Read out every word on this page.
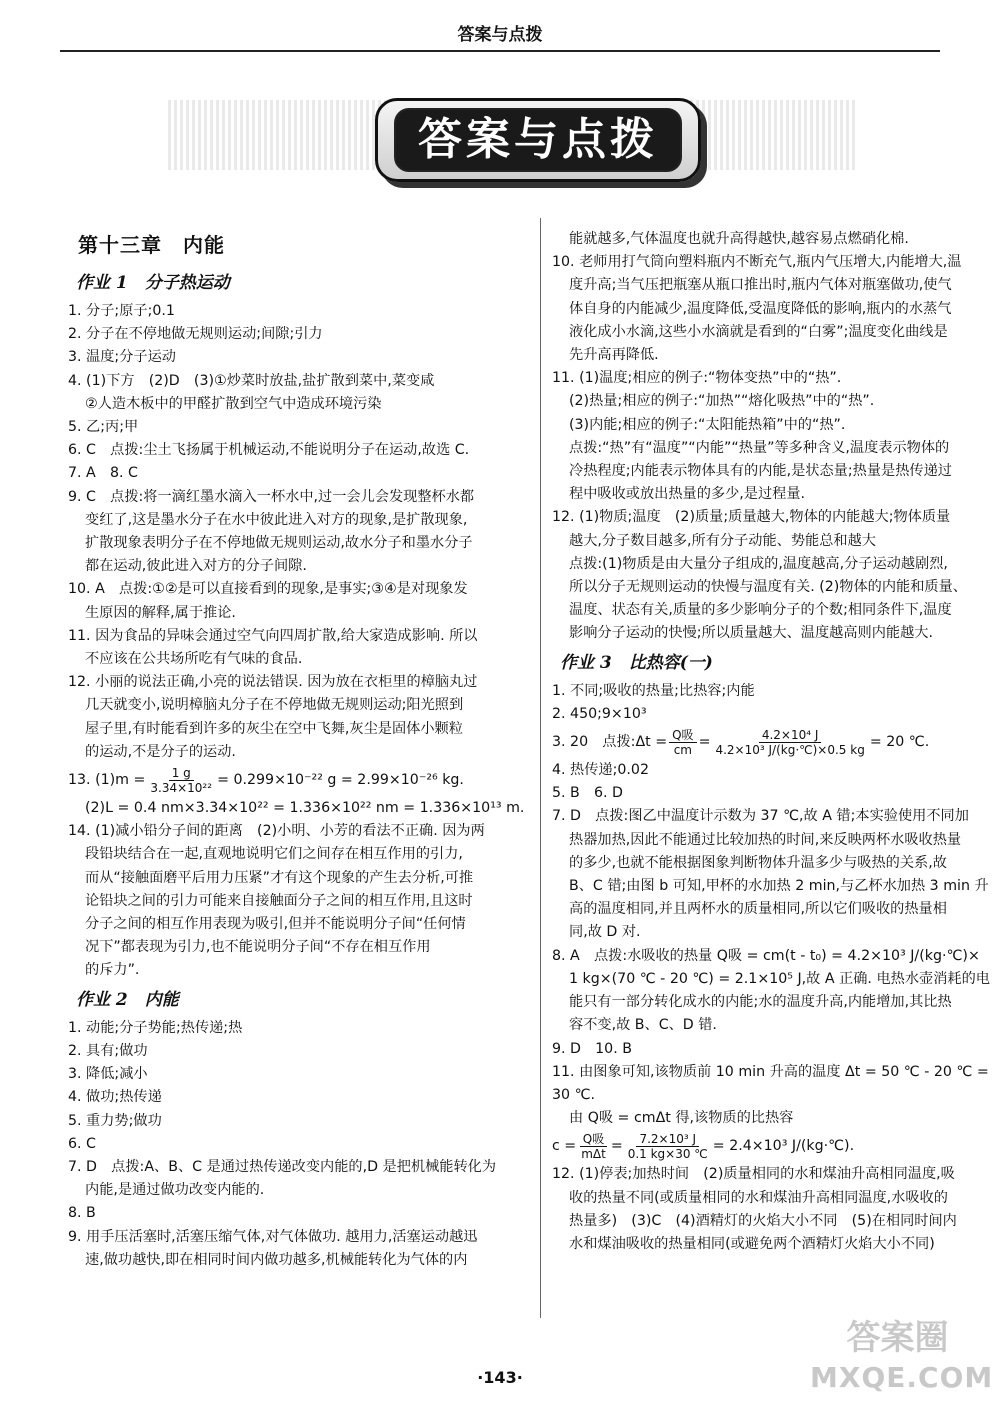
答案与点拨
答案与点拨
第十三章　内能
作业 1　分子热运动

1. 分子;原子;0.1

2. 分子在不停地做无规则运动;间隙;引力

3. 温度;分子运动

4. (1)下方　(2)D　(3)①炒菜时放盐,盐扩散到菜中,菜变咸

②人造木板中的甲醛扩散到空气中造成环境污染

5. 乙;丙;甲

6. C　点拨:尘土飞扬属于机械运动,不能说明分子在运动,故选 C.

7. A　8. C

9. C　点拨:将一滴红墨水滴入一杯水中,过一会儿会发现整杯水都

变红了,这是墨水分子在水中彼此进入对方的现象,是扩散现象,

扩散现象表明分子在不停地做无规则运动,故水分子和墨水分子

都在运动,彼此进入对方的分子间隙.

10. A　点拨:①②是可以直接看到的现象,是事实;③④是对现象发

生原因的解释,属于推论.

11. 因为食品的异味会通过空气向四周扩散,给大家造成影响. 所以

不应该在公共场所吃有气味的食品.

12. 小丽的说法正确,小亮的说法错误. 因为放在衣柜里的樟脑丸过

几天就变小,说明樟脑丸分子在不停地做无规则运动;阳光照到

屋子里,有时能看到许多的灰尘在空中飞舞,灰尘是固体小颗粒

的运动,不是分子的运动.

13. $(1)m = \frac{1 g}{\text{3.34×10²²}} = 0.299\times 10^{-22}$ g = 2.99×10⁻²⁶ kg.

(2)L = 0.4 nm×3.34×10²² = 1.336×10²² nm = 1.336×10¹³ m.

14. (1)减小铅分子间的距离　(2)小明、小芳的看法不正确. 因为两

段铅块结合在一起,直观地说明它们之间存在相互作用的引力,

而从“接触面磨平后用力压紧”才有这个现象的产生去分析,可推

论铅块之间的引力可能来自接触面分子之间的相互作用,且这时

分子之间的相互作用表现为吸引,但并不能说明分子间“任何情

况下”都表现为引力,也不能说明分子间“不存在相互作用

的斥力”.

作业 2　内能

1. 动能;分子势能;热传递;热

2. 具有;做功

3. 降低;减小

4. 做功;热传递

5. 重力势;做功

6. C

7. D　点拨:A、B、C 是通过热传递改变内能的,D 是把机械能转化为

内能,是通过做功改变内能的.

8. B

9. 用手压活塞时,活塞压缩气体,对气体做功. 越用力,活塞运动越迅

速,做功越快,即在相同时间内做功越多,机械能转化为气体的内

能就越多,气体温度也就升高得越快,越容易点燃硝化棉.

10. 老师用打气筒向塑料瓶内不断充气,瓶内气压增大,内能增大,温

度升高;当气压把瓶塞从瓶口推出时,瓶内气体对瓶塞做功,使气

体自身的内能减少,温度降低,受温度降低的影响,瓶内的水蒸气

液化成小水滴,这些小水滴就是看到的“白雾”;温度变化曲线是

先升高再降低.

11. (1)温度;相应的例子:“物体变热”中的“热”.

(2)热量;相应的例子:“加热”“熔化吸热”中的“热”.

(3)内能;相应的例子:“太阳能热箱”中的“热”.

点拨:“热”有“温度”“内能”“热量”等多种含义,温度表示物体的

冷热程度;内能表示物体具有的内能,是状态量;热量是热传递过

程中吸收或放出热量的多少,是过程量.

12. (1)物质;温度　(2)质量;质量越大,物体的内能越大;物体质量

越大,分子数目越多,所有分子动能、势能总和越大

点拨:(1)物质是由大量分子组成的,温度越高,分子运动越剧烈,

所以分子无规则运动的快慢与温度有关. (2)物体的内能和质量、

温度、状态有关,质量的多少影响分子的个数;相同条件下,温度

影响分子运动的快慢;所以质量越大、温度越高则内能越大.

作业 3　比热容(一)

1. 不同;吸收的热量;比热容;内能

2. 450;9×10³

3. 20　点拨:Δt = $\frac{\text{Q吸}}{cm} = \frac{\text{4.2×10⁴ J}}{\text{4.2×10³ J/(kg·℃)×0.5 kg}} = 20$ ℃.

4. 热传递;0.02

5. B　6. D

7. D　点拨:图乙中温度计示数为 37 ℃,故 A 错;本实验使用不同加

热器加热,因此不能通过比较加热的时间,来反映两杯水吸收热量

的多少,也就不能根据图象判断物体升温多少与吸热的关系,故

B、C 错;由图 b 可知,甲杯的水加热 2 min,与乙杯水加热 3 min 升

高的温度相同,并且两杯水的质量相同,所以它们吸收的热量相

同,故 D 对.

8. A　点拨:水吸收的热量 Q吸 = cm(t - t₀) = 4.2×10³ J/(kg·℃)×

1 kg×(70 ℃ - 20 ℃) = 2.1×10⁵ J,故 A 正确. 电热水壶消耗的电

能只有一部分转化成水的内能;水的温度升高,内能增加,其比热

容不变,故 B、C、D 错.

9. D　10. B

11. 由图象可知,该物质前 10 min 升高的温度 Δt = 50 ℃ - 20 ℃ = 30 ℃.

由 Q吸 = cmΔt 得,该物质的比热容

$c = \frac{\text{Q吸}}{\text{mΔt}} = \frac{\text{7.2×10³ J}}{0.1 kg\times 30 ℃} = 2.4\times 10^3$ J/(kg·℃).

12. (1)停表;加热时间　(2)质量相同的水和煤油升高相同温度,吸

收的热量不同(或质量相同的水和煤油升高相同温度,水吸收的

热量多)　(3)C　(4)酒精灯的火焰大小不同　(5)在相同时间内

水和煤油吸收的热量相同(或避免两个酒精灯火焰大小不同)

·143·
答案圈
MXQE.COM
